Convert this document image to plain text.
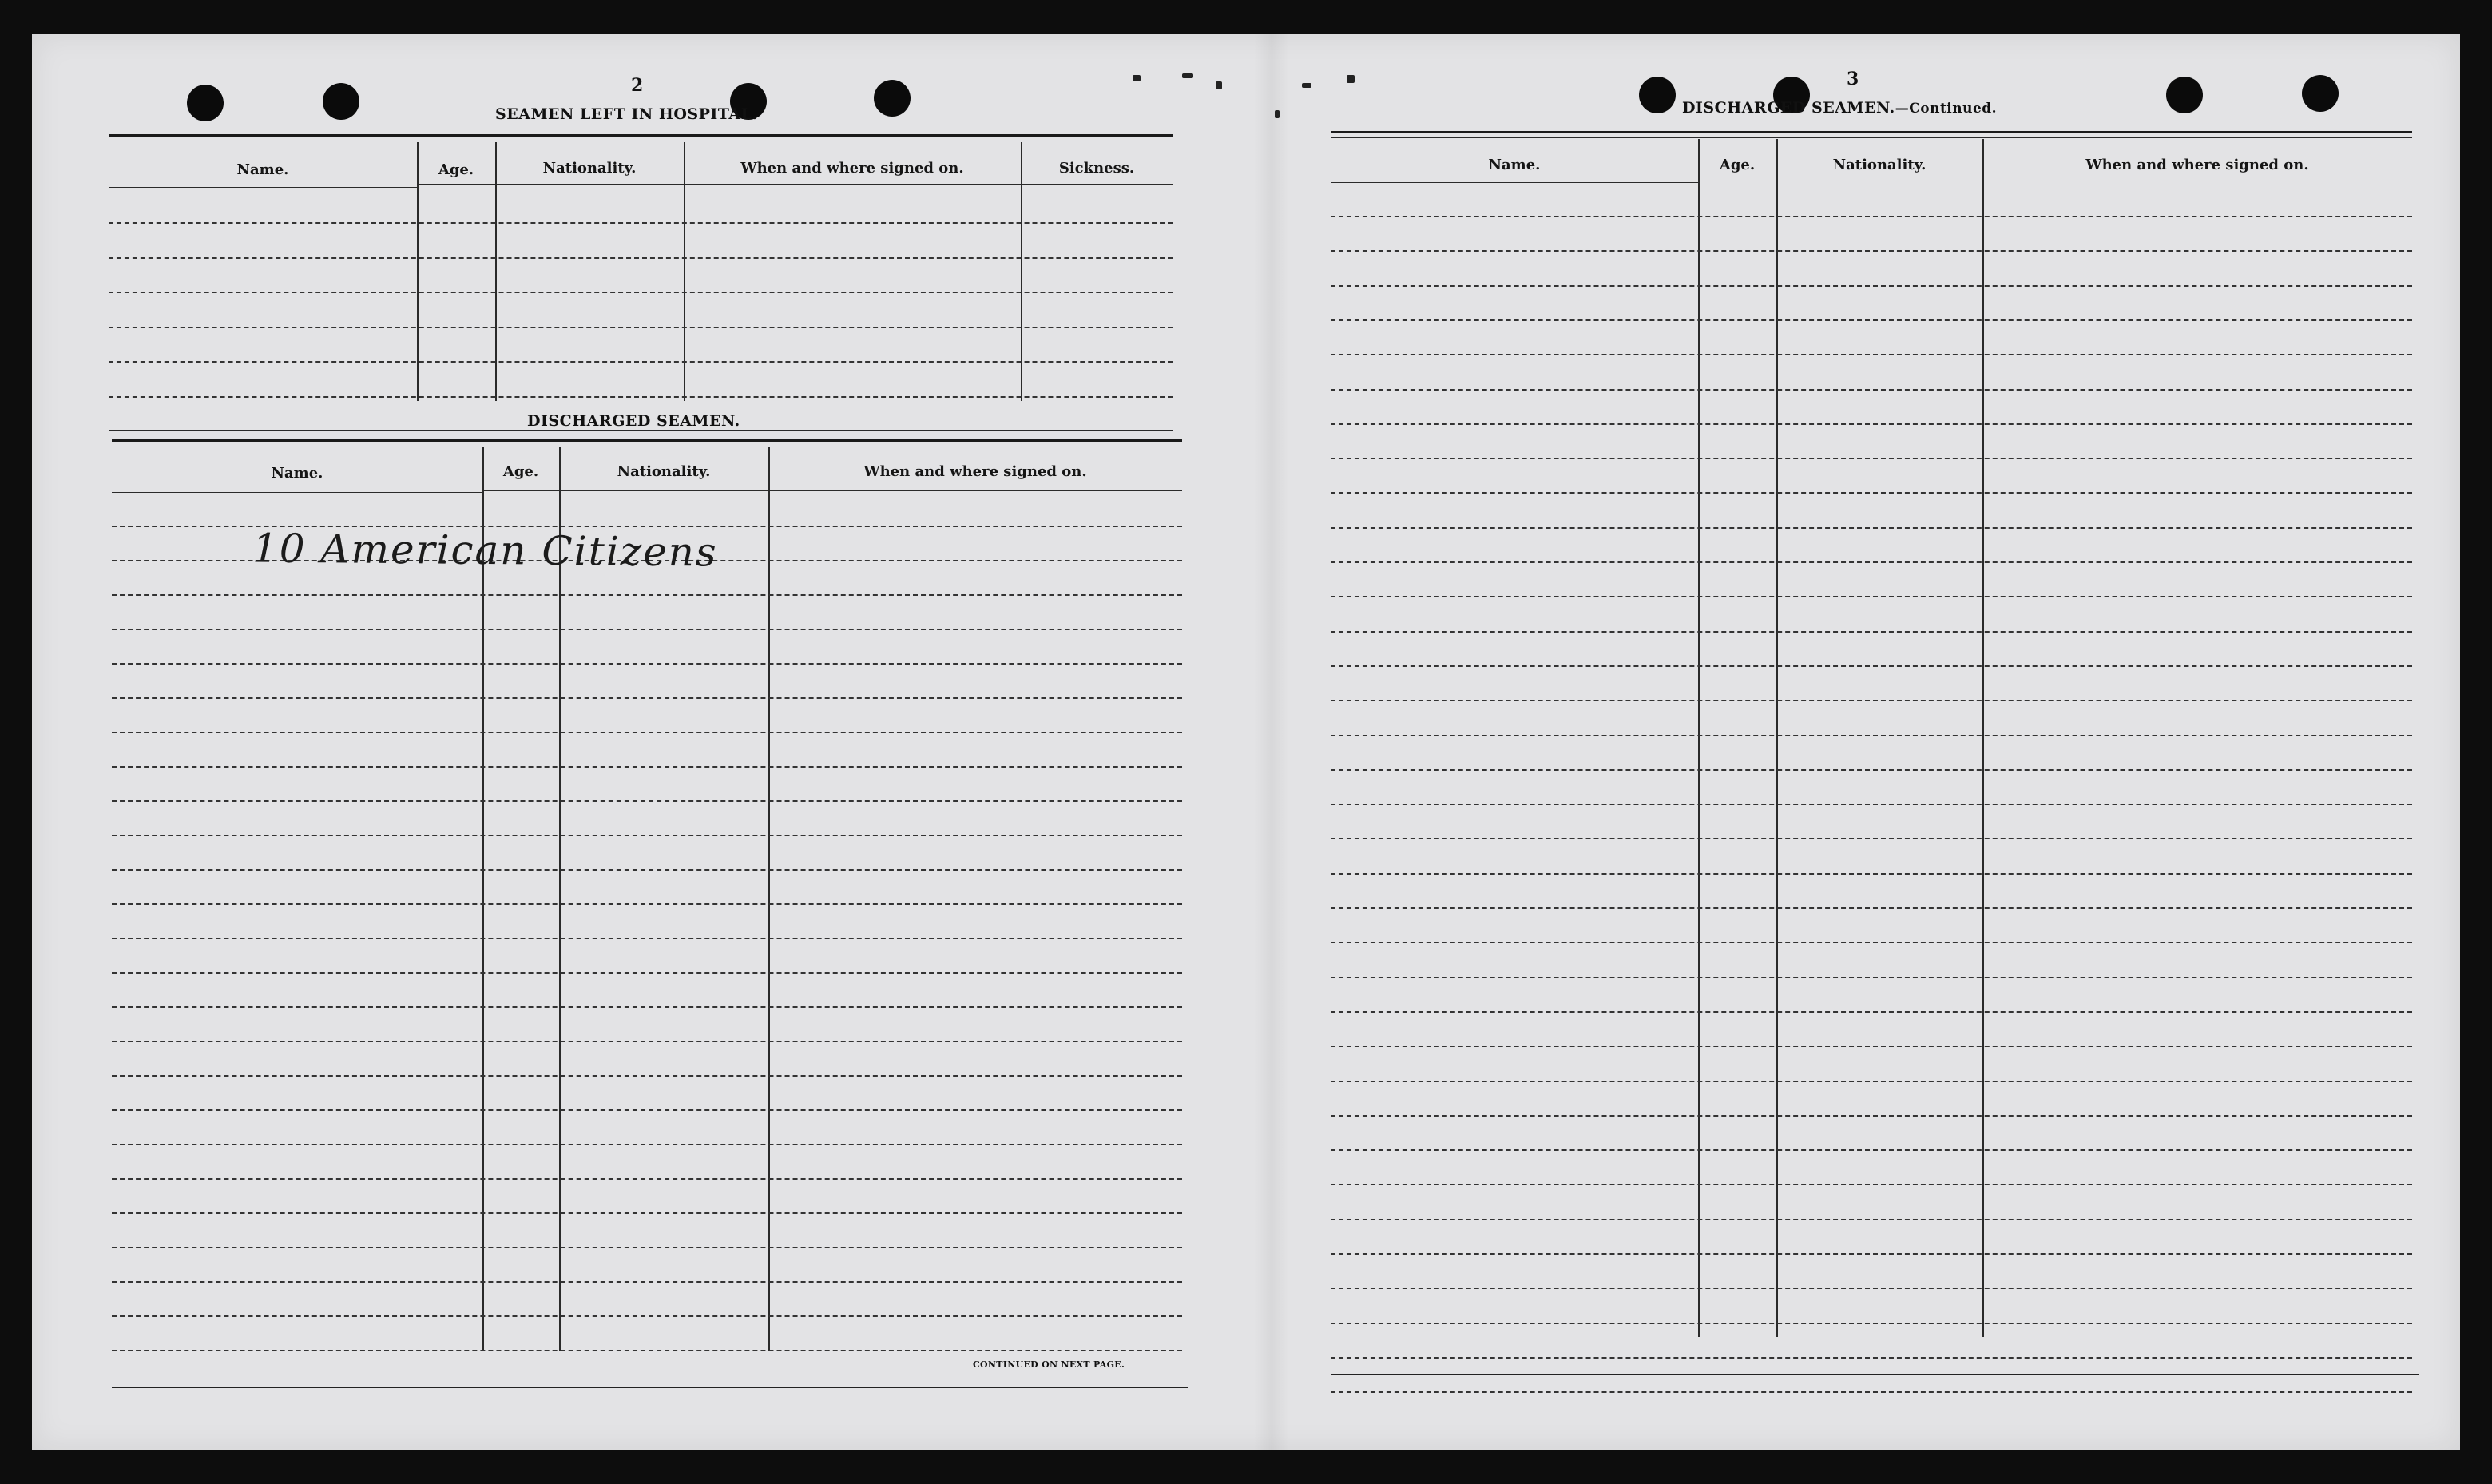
2
SEAMEN LEFT IN HOSPITAL.
Name.	Age.	Nationality.	When and where signed on.	Sickness.
DISCHARGED SEAMEN.
Name.	Age.	Nationality.	When and where signed on.
10 American Citizens
CONTINUED ON NEXT PAGE.
3
DISCHARGED SEAMEN.—Continued.
Name.	Age.	Nationality.	When and where signed on.
